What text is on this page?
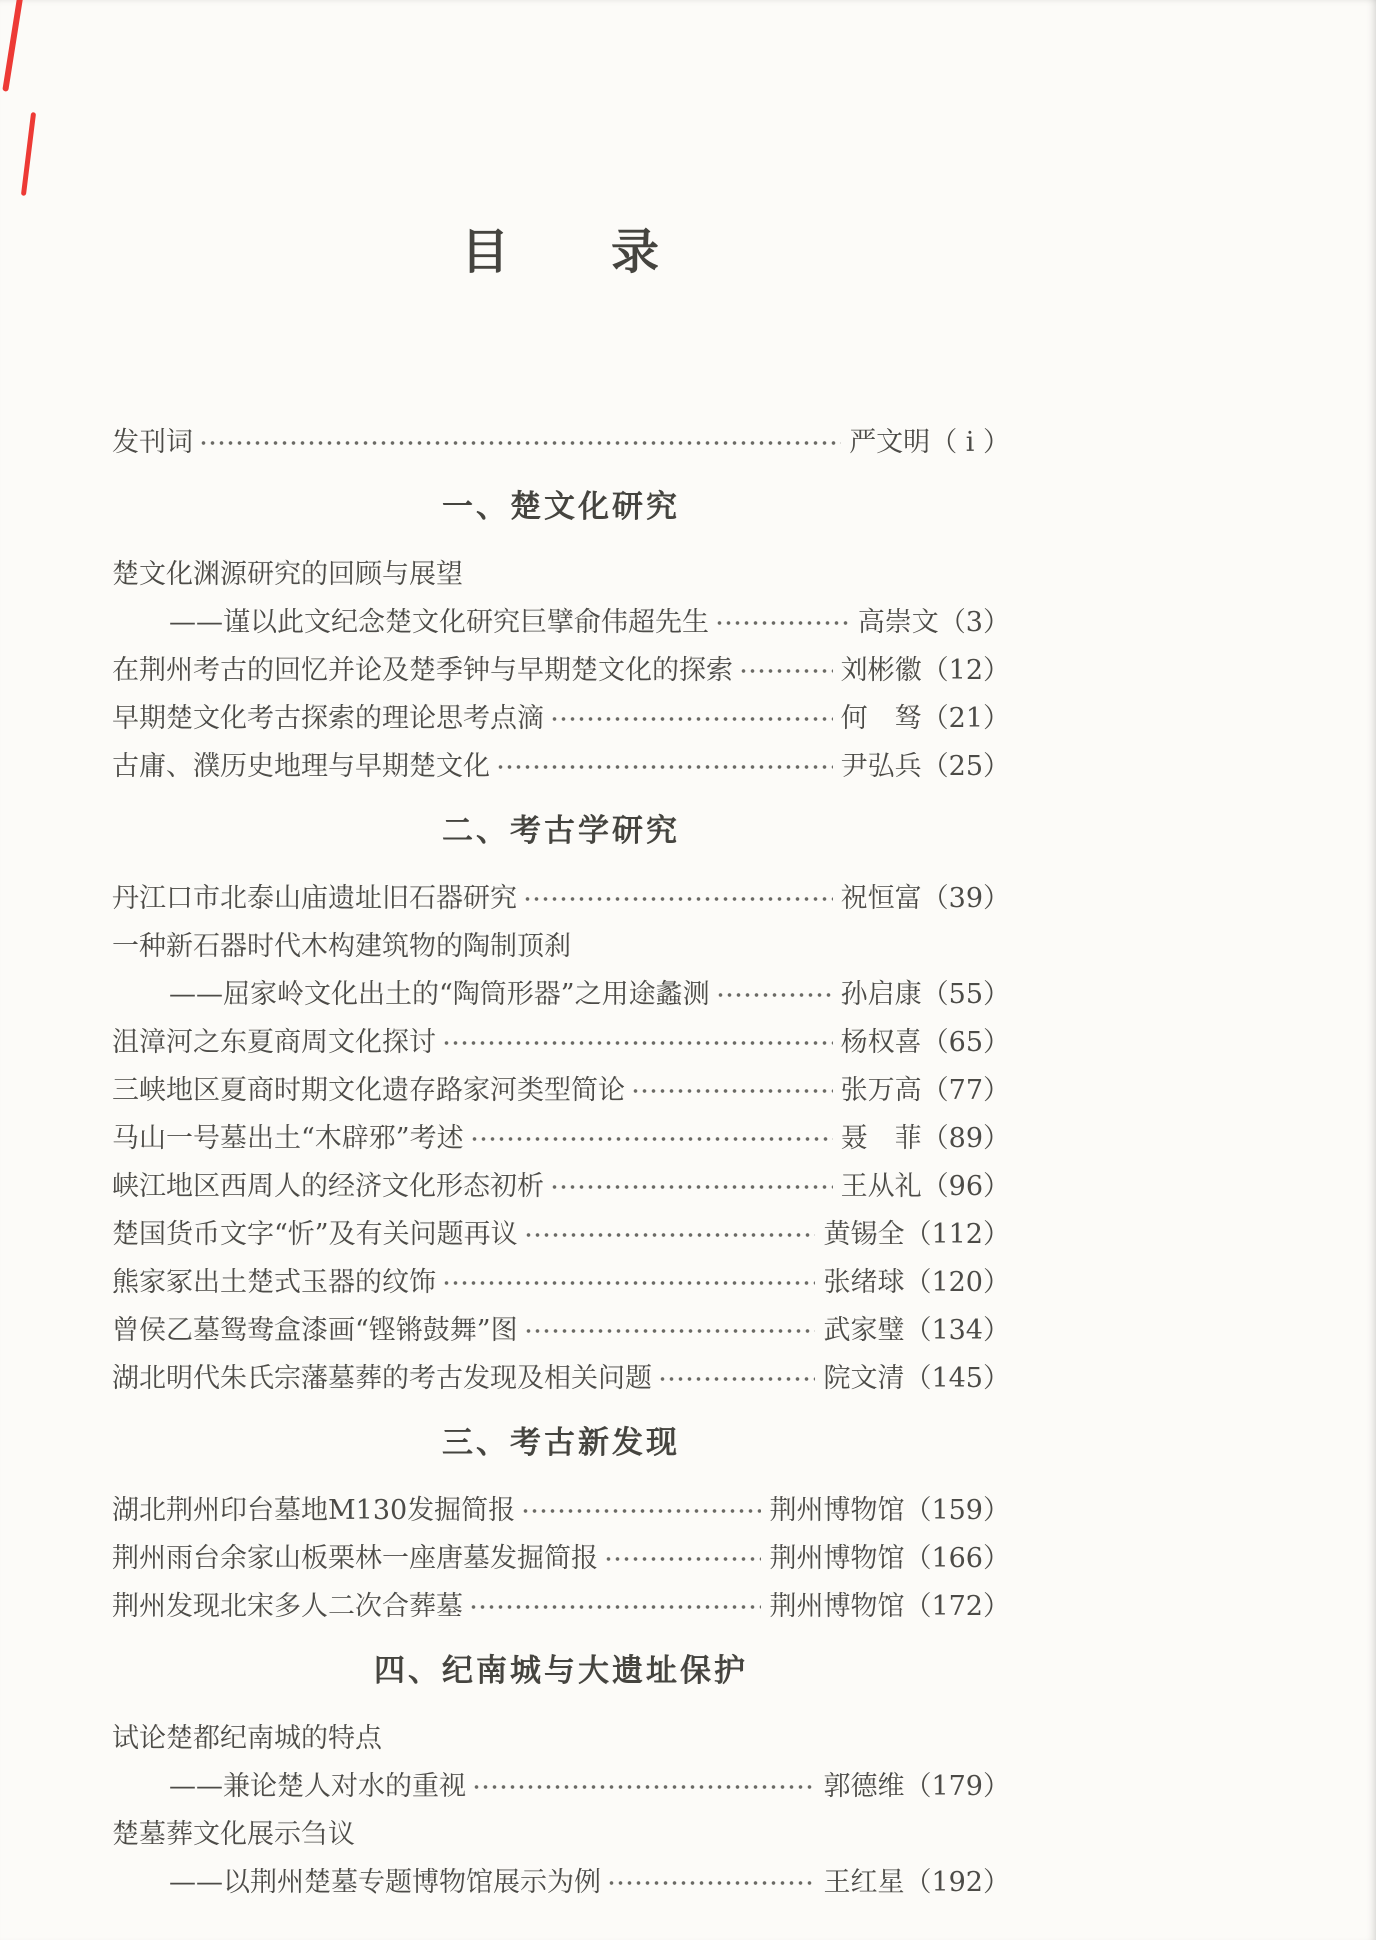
目　　录
发刊词	严文明 （ i ）
一、楚文化研究
楚文化渊源研究的回顾与展望
——谨以此文纪念楚文化研究巨擘俞伟超先生	高崇文 （3）
在荆州考古的回忆并论及楚季钟与早期楚文化的探索	刘彬徽 （12）
早期楚文化考古探索的理论思考点滴	何　驽 （21）
古庸、濮历史地理与早期楚文化	尹弘兵 （25）
二、考古学研究
丹江口市北泰山庙遗址旧石器研究	祝恒富 （39）
一种新石器时代木构建筑物的陶制顶刹
——屈家岭文化出土的“陶筒形器”之用途蠡测	孙启康 （55）
沮漳河之东夏商周文化探讨	杨权喜 （65）
三峡地区夏商时期文化遗存路家河类型简论	张万高 （77）
马山一号墓出土“木辟邪”考述	聂　菲 （89）
峡江地区西周人的经济文化形态初析	王从礼 （96）
楚国货币文字“忻”及有关问题再议	黄锡全 （112）
熊家冢出土楚式玉器的纹饰	张绪球 （120）
曾侯乙墓鸳鸯盒漆画“铿锵鼓舞”图	武家璧 （134）
湖北明代朱氏宗藩墓葬的考古发现及相关问题	院文清 （145）
三、考古新发现
湖北荆州印台墓地M130发掘简报	荆州博物馆 （159）
荆州雨台余家山板栗林一座唐墓发掘简报	荆州博物馆 （166）
荆州发现北宋多人二次合葬墓	荆州博物馆 （172）
四、纪南城与大遗址保护
试论楚都纪南城的特点
——兼论楚人对水的重视	郭德维 （179）
楚墓葬文化展示刍议
——以荆州楚墓专题博物馆展示为例	王红星 （192）
